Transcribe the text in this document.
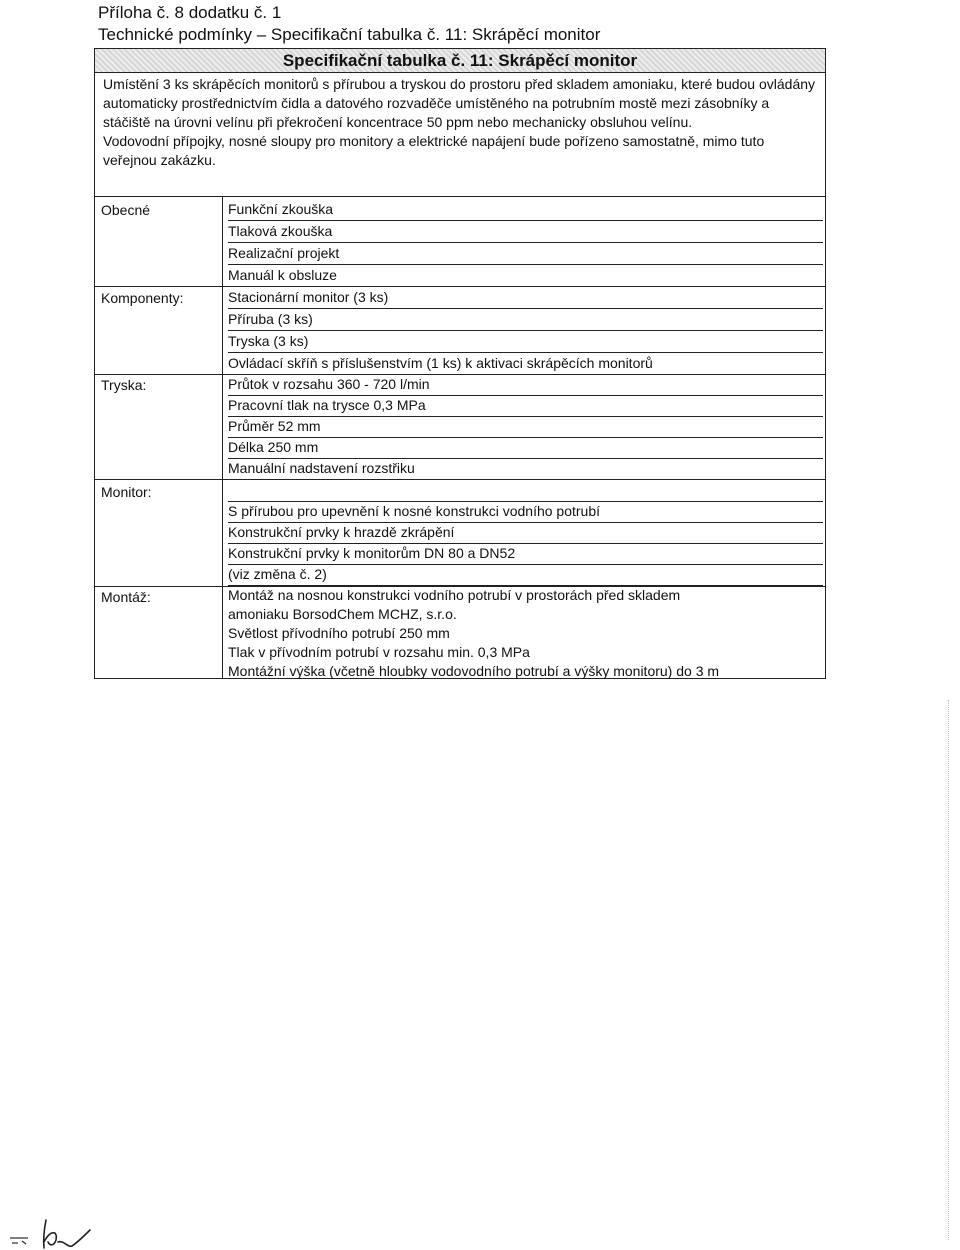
Příloha č. 8 dodatku č. 1
Technické podmínky – Specifikační tabulka č. 11: Skrápěcí monitor
Specifikační tabulka č. 11: Skrápěcí monitor

Umístění 3 ks skrápěcích monitorů s přírubou a tryskou do prostoru před skladem amoniaku, které budou ovládány automaticky prostřednictvím čidla a datového rozvaděče umístěného na potrubním mostě mezi zásobníky a stáčiště na úrovni velínu při překročení koncentrace 50 ppm nebo mechanicky obsluhou velínu.

Vodovodní přípojky, nosné sloupy pro monitory a elektrické napájení bude pořízeno samostatně, mimo tuto veřejnou zakázku.

Obecné
Komponenty:
Tryska:
Monitor:
Montáž:
Funkční zkouška
Tlaková zkouška
Realizační projekt
Manuál k obsluze
Stacionární monitor (3 ks)
Příruba (3 ks)
Tryska (3 ks)
Ovládací skříň s příslušenstvím (1 ks) k aktivaci skrápěcích monitorů
Průtok v rozsahu 360 - 720 l/min
Pracovní tlak na trysce 0,3 MPa
Průměr 52 mm
Délka 250 mm
Manuální nadstavení rozstřiku
S přírubou pro upevnění k nosné konstrukci vodního potrubí
Konstrukční prvky k hrazdě zkrápění
Konstrukční prvky k monitorům DN 80 a DN52
(viz změna č. 2)
Montáž na nosnou konstrukci vodního potrubí v prostorách před skladem
amoniaku BorsodChem MCHZ, s.r.o.
Světlost přívodního potrubí 250 mm
Tlak v přívodním potrubí v rozsahu min. 0,3 MPa
Montážní výška (včetně hloubky vodovodního potrubí a výšky monitoru) do 3 m
